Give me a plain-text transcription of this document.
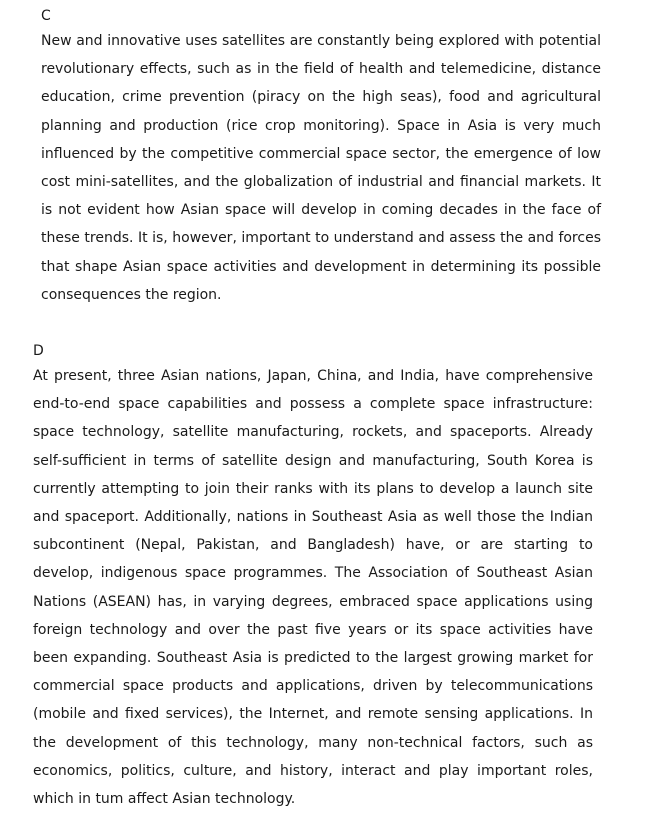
C

New and innovative uses satellites are constantly being explored with potential revolutionary effects, such as in the field of health and telemedicine, distance education, crime prevention (piracy on the high seas), food and agricultural planning and production (rice crop monitoring). Space in Asia is very much influenced by the competitive commercial space sector, the emergence of low cost mini-satellites, and the globalization of industrial and financial markets. It is not evident how Asian space will develop in coming decades in the face of these trends. It is, however, important to understand and assess the and forces that shape Asian space activities and development in determining its possible consequences the region.

D

At present, three Asian nations, Japan, China, and India, have comprehensive end-to-end space capabilities and possess a complete space infrastructure: space technology, satellite manufacturing, rockets, and spaceports. Already self-sufficient in terms of satellite design and manufacturing, South Korea is currently attempting to join their ranks with its plans to develop a launch site and spaceport. Additionally, nations in Southeast Asia as well those the Indian subcontinent (Nepal, Pakistan, and Bangladesh) have, or are starting to develop, indigenous space programmes. The Association of Southeast Asian Nations (ASEAN) has, in varying degrees, embraced space applications using foreign technology and over the past five years or its space activities have been expanding. Southeast Asia is predicted to the largest growing market for commercial space products and applications, driven by telecommunications (mobile and fixed services), the Internet, and remote sensing applications. In the development of this technology, many non-technical factors, such as economics, politics, culture, and history, interact and play important roles, which in tum affect Asian technology.
